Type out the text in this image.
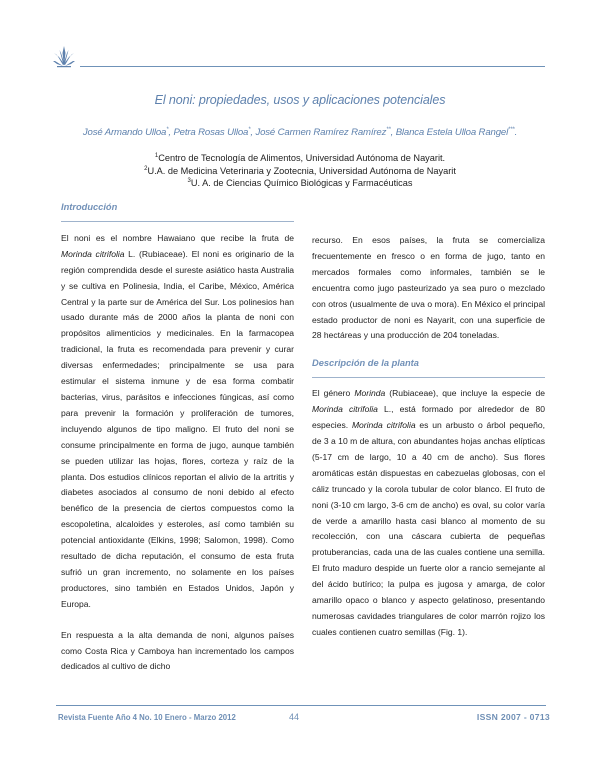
El noni: propiedades, usos y aplicaciones potenciales
José Armando Ulloa*, Petra Rosas Ulloa*, José Carmen Ramírez Ramírez**, Blanca Estela Ulloa Rangel***.
$^1$Centro de Tecnología de Alimentos, Universidad Autónoma de Nayarit.
$^2$U.A. de Medicina Veterinaria y Zootecnia, Universidad Autónoma de Nayarit
$^3$U. A. de Ciencias Químico Biológicas y Farmacéuticas
Introducción

El noni es el nombre Hawaiano que recibe la fruta de Morinda citrifolia L. (Rubiaceae). El noni es originario de la región comprendida desde el sureste asiático hasta Australia y se cultiva en Polinesia, India, el Caribe, México, América Central y la parte sur de América del Sur. Los polinesios han usado durante más de 2000 años la planta de noni con propósitos alimenticios y medicinales. En la farmacopea tradicional, la fruta es recomendada para prevenir y curar diversas enfermedades; principalmente se usa para estimular el sistema inmune y de esa forma combatir bacterias, virus, parásitos e infecciones fúngicas, así como para prevenir la formación y proliferación de tumores, incluyendo algunos de tipo maligno. El fruto del noni se consume principalmente en forma de jugo, aunque también se pueden utilizar las hojas, flores, corteza y raíz de la planta. Dos estudios clínicos reportan el alivio de la artritis y diabetes asociados al consumo de noni debido al efecto benéfico de la presencia de ciertos compuestos como la escopoletina, alcaloides y esteroles, así como también su potencial antioxidante (Elkins, 1998; Salomon, 1998). Como resultado de dicha reputación, el consumo de esta fruta sufrió un gran incremento, no solamente en los países productores, sino también en Estados Unidos, Japón y Europa.

En respuesta a la alta demanda de noni, algunos países como Costa Rica y Camboya han incrementado los campos dedicados al cultivo de dicho

recurso. En esos países, la fruta se comercializa frecuentemente en fresco o en forma de jugo, tanto en mercados formales como informales, también se le encuentra como jugo pasteurizado ya sea puro o mezclado con otros (usualmente de uva o mora). En México el principal estado productor de noni es Nayarit, con una superficie de 28 hectáreas y una producción de 204 toneladas.

Descripción de la planta

El género Morinda (Rubiaceae), que incluye la especie de Morinda citrifolia L., está formado por alrededor de 80 especies. Morinda citrifolia es un arbusto o árbol pequeño, de 3 a 10 m de altura, con abundantes hojas anchas elípticas (5-17 cm de largo, 10 a 40 cm de ancho). Sus flores aromáticas están dispuestas en cabezuelas globosas, con el cáliz truncado y la corola tubular de color blanco. El fruto de noni (3-10 cm largo, 3-6 cm de ancho) es oval, su color varía de verde a amarillo hasta casi blanco al momento de su recolección, con una cáscara cubierta de pequeñas protuberancias, cada una de las cuales contiene una semilla. El fruto maduro despide un fuerte olor a rancio semejante al del ácido butírico; la pulpa es jugosa y amarga, de color amarillo opaco o blanco y aspecto gelatinoso, presentando numerosas cavidades triangulares de color marrón rojizo los cuales contienen cuatro semillas (Fig. 1).

Revista Fuente Año 4 No. 10 Enero - Marzo 2012	44	ISSN 2007 - 0713
